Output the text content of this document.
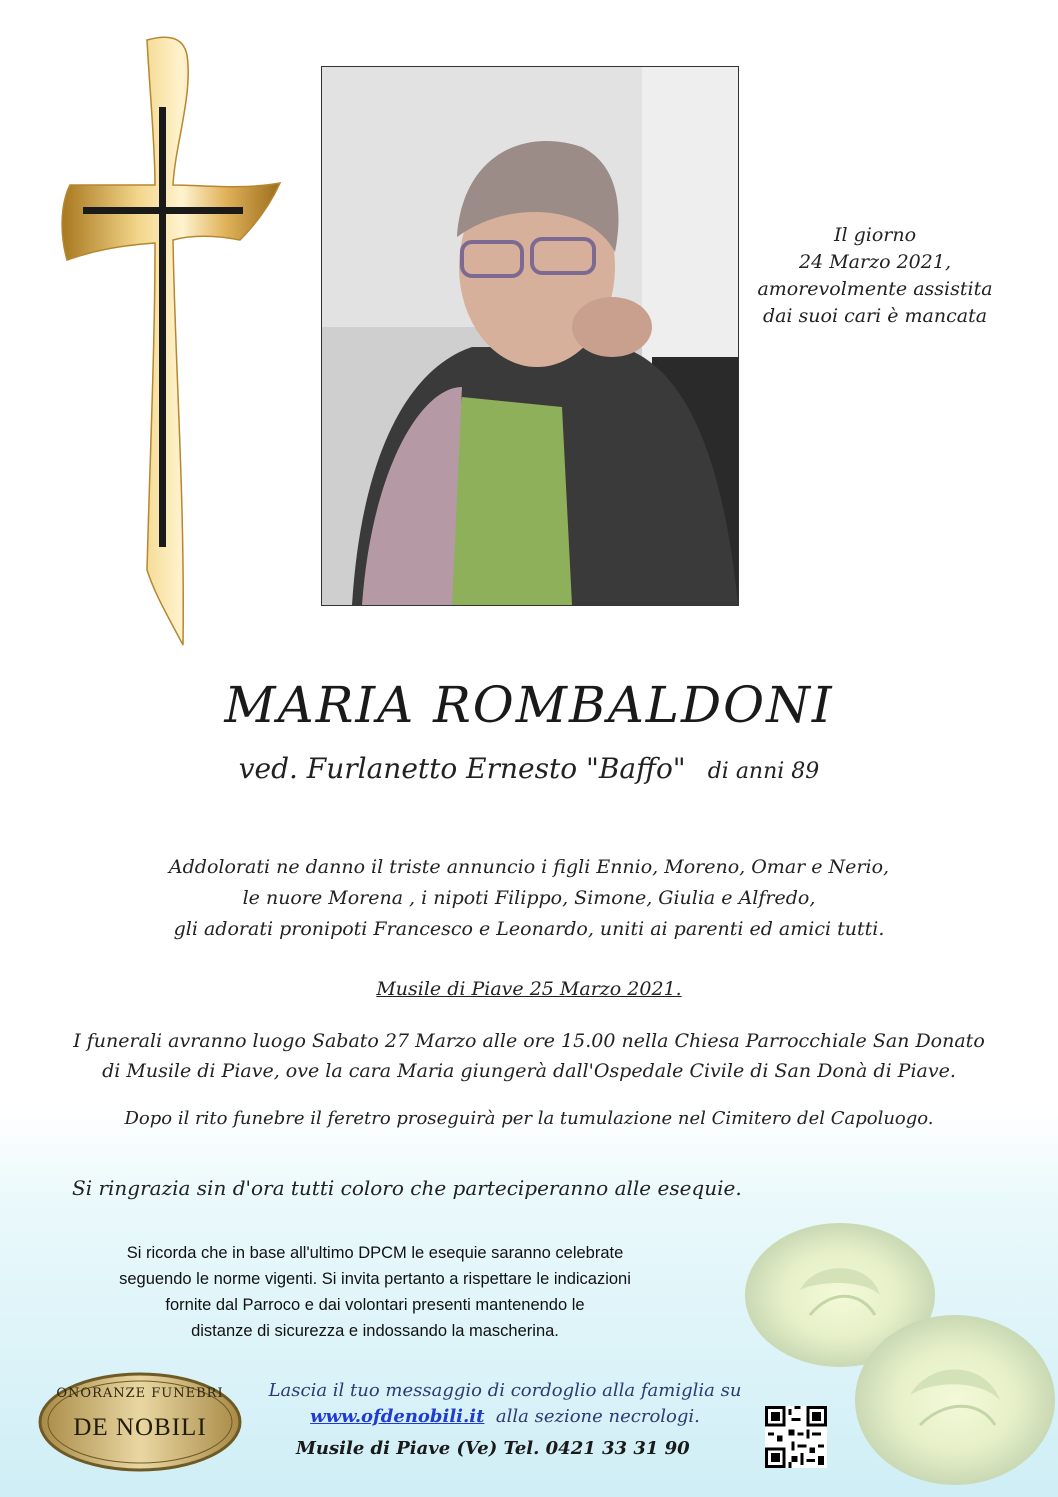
Il giorno
24 Marzo 2021,
amorevolmente assistita
dai suoi cari è mancata
MARIA ROMBALDONI
ved. Furlanetto Ernesto "Baffo" di anni 89
Addolorati ne danno il triste annuncio i figli Ennio, Moreno, Omar e Nerio,
le nuore Morena , i nipoti Filippo, Simone, Giulia e Alfredo,
gli adorati pronipoti Francesco e Leonardo, uniti ai parenti ed amici tutti.
Musile di Piave 25 Marzo 2021.
I funerali avranno luogo Sabato 27 Marzo alle ore 15.00 nella Chiesa Parrocchiale San Donato
di Musile di Piave, ove la cara Maria giungerà dall'Ospedale Civile di San Donà di Piave.
Dopo il rito funebre il feretro proseguirà per la tumulazione nel Cimitero del Capoluogo.
Si ringrazia sin d'ora tutti coloro che parteciperanno alle esequie.
Si ricorda che in base all'ultimo DPCM le esequie saranno celebrate
seguendo le norme vigenti. Si invita pertanto a rispettare le indicazioni
fornite dal Parroco e dai volontari presenti mantenendo le
distanze di sicurezza e indossando la mascherina.
ONORANZE FUNEBRI
DE NOBILI
Lascia il tuo messaggio di cordoglio alla famiglia su
www.ofdenobili.it alla sezione necrologi.
Musile di Piave (Ve) Tel. 0421 33 31 90
